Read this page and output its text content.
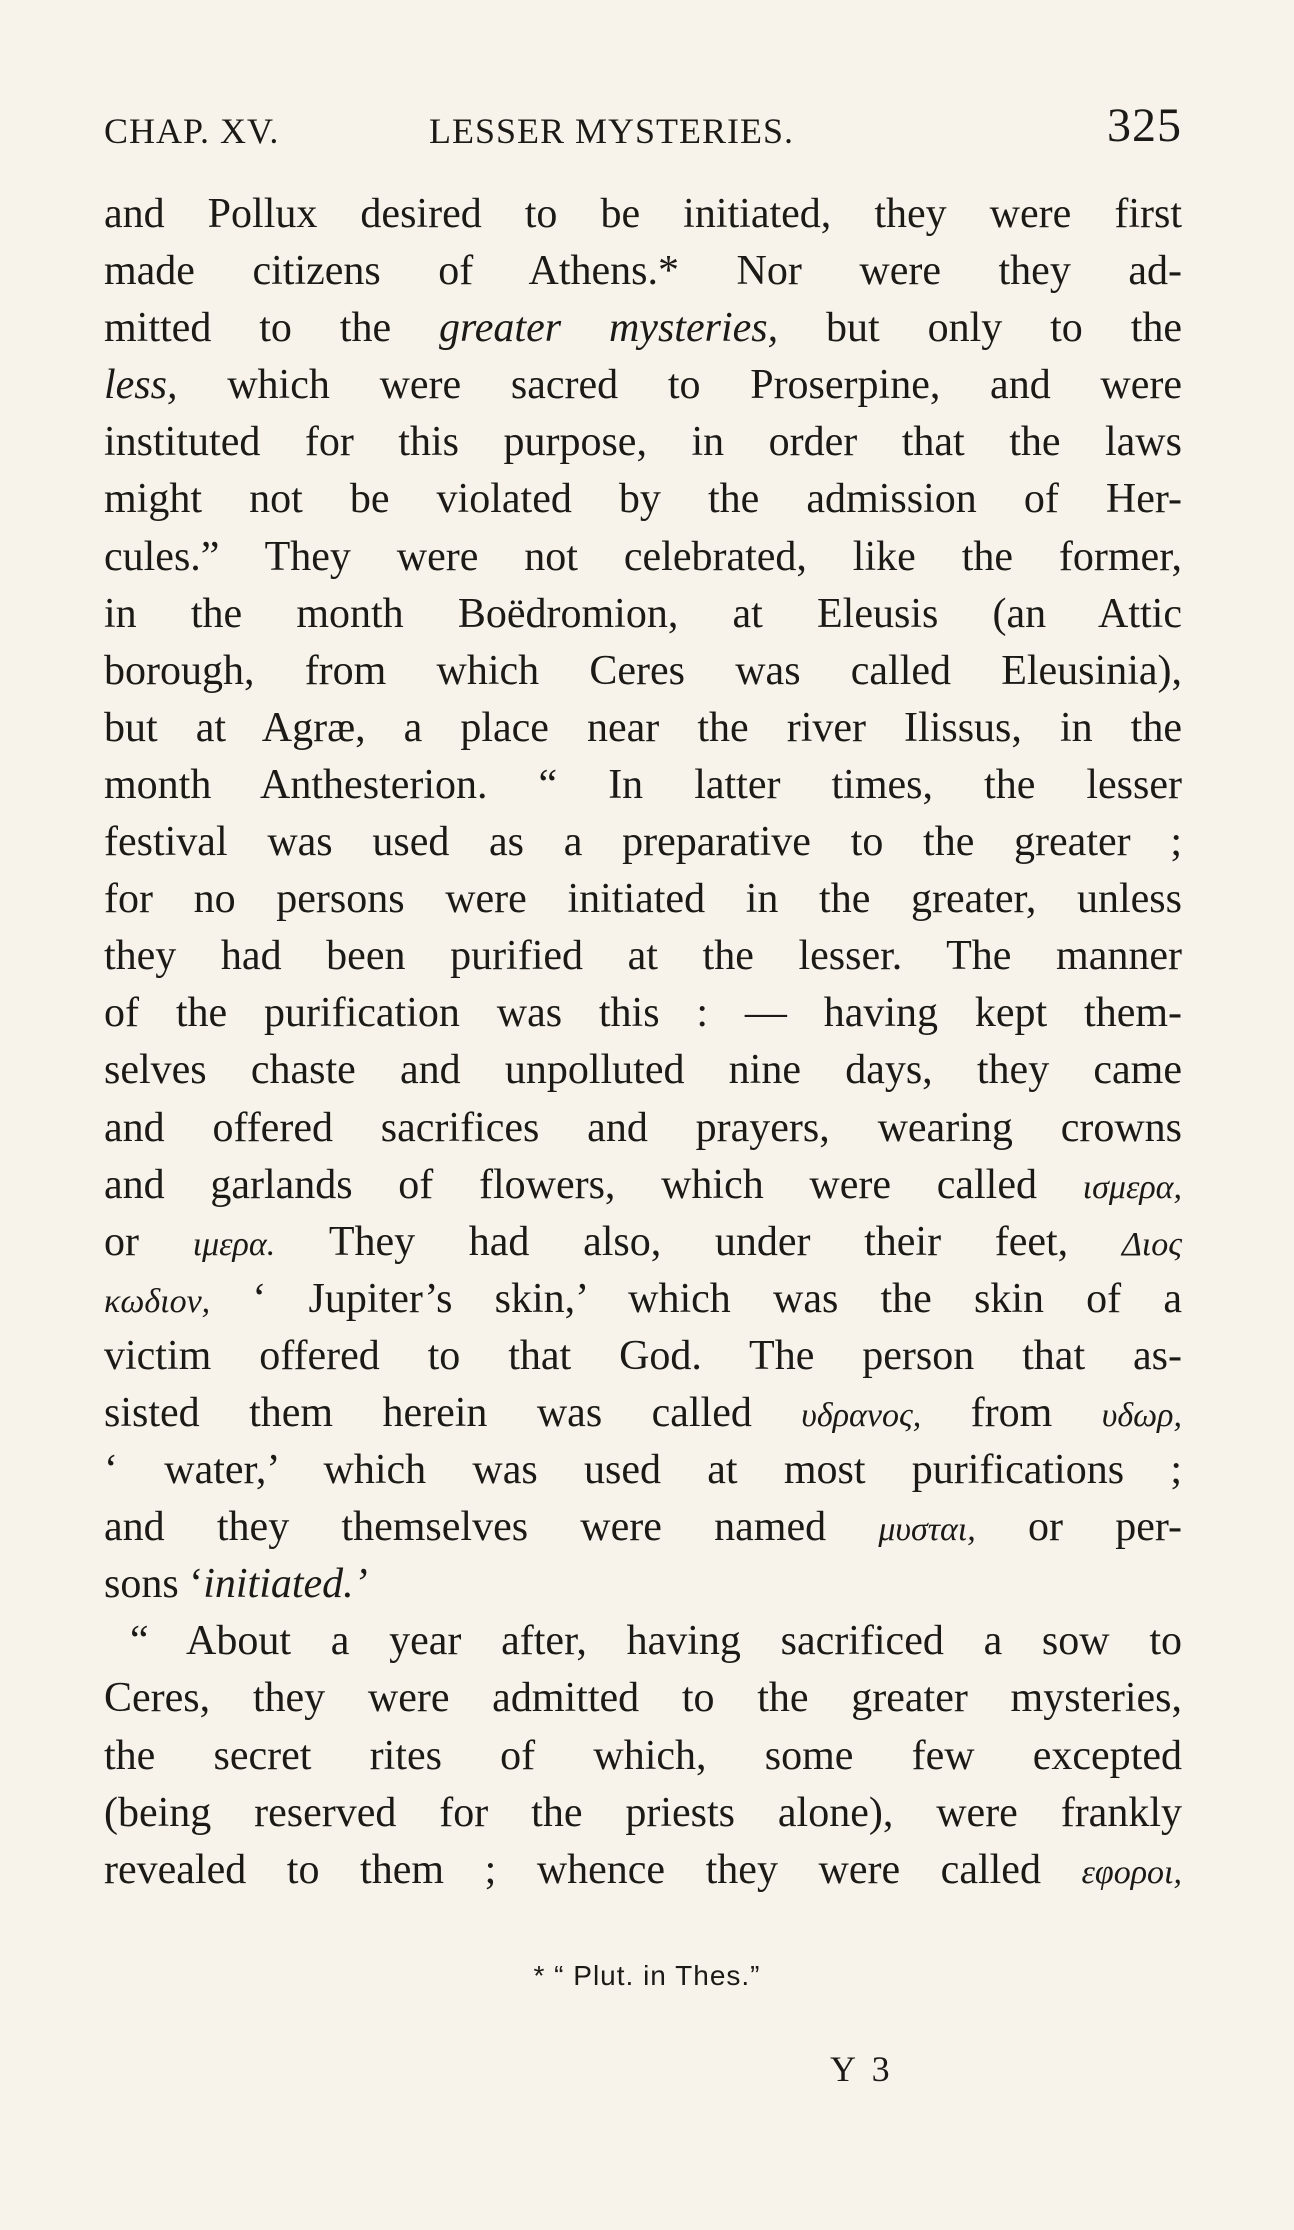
CHAP. XV.	LESSER MYSTERIES.	325
and Pollux desired to be initiated, they were first
made citizens of Athens.* Nor were they ad-
mitted to the greater mysteries, but only to the
less, which were sacred to Proserpine, and were
instituted for this purpose, in order that the laws
might not be violated by the admission of Her-
cules.” They were not celebrated, like the former,
in the month Boëdromion, at Eleusis (an Attic
borough, from which Ceres was called Eleusinia),
but at Agræ, a place near the river Ilissus, in the
month Anthesterion. “ In latter times, the lesser
festival was used as a preparative to the greater ;
for no persons were initiated in the greater, unless
they had been purified at the lesser. The manner
of the purification was this : — having kept them-
selves chaste and unpolluted nine days, they came
and offered sacrifices and prayers, wearing crowns
and garlands of flowers, which were called ισμερα,
or ιμερα. They had also, under their feet, Διος
κωδιον, ‘ Jupiter’s skin,’ which was the skin of a
victim offered to that God. The person that as-
sisted them herein was called υδρανος, from υδωρ,
‘ water,’ which was used at most purifications ;
and they themselves were named μυσται, or per-
sons ‘initiated.’
“ About a year after, having sacrificed a sow to
Ceres, they were admitted to the greater mysteries,
the secret rites of which, some few excepted
(being reserved for the priests alone), were frankly
revealed to them ; whence they were called εφοροι,
* “ Plut. in Thes.”
Y 3
